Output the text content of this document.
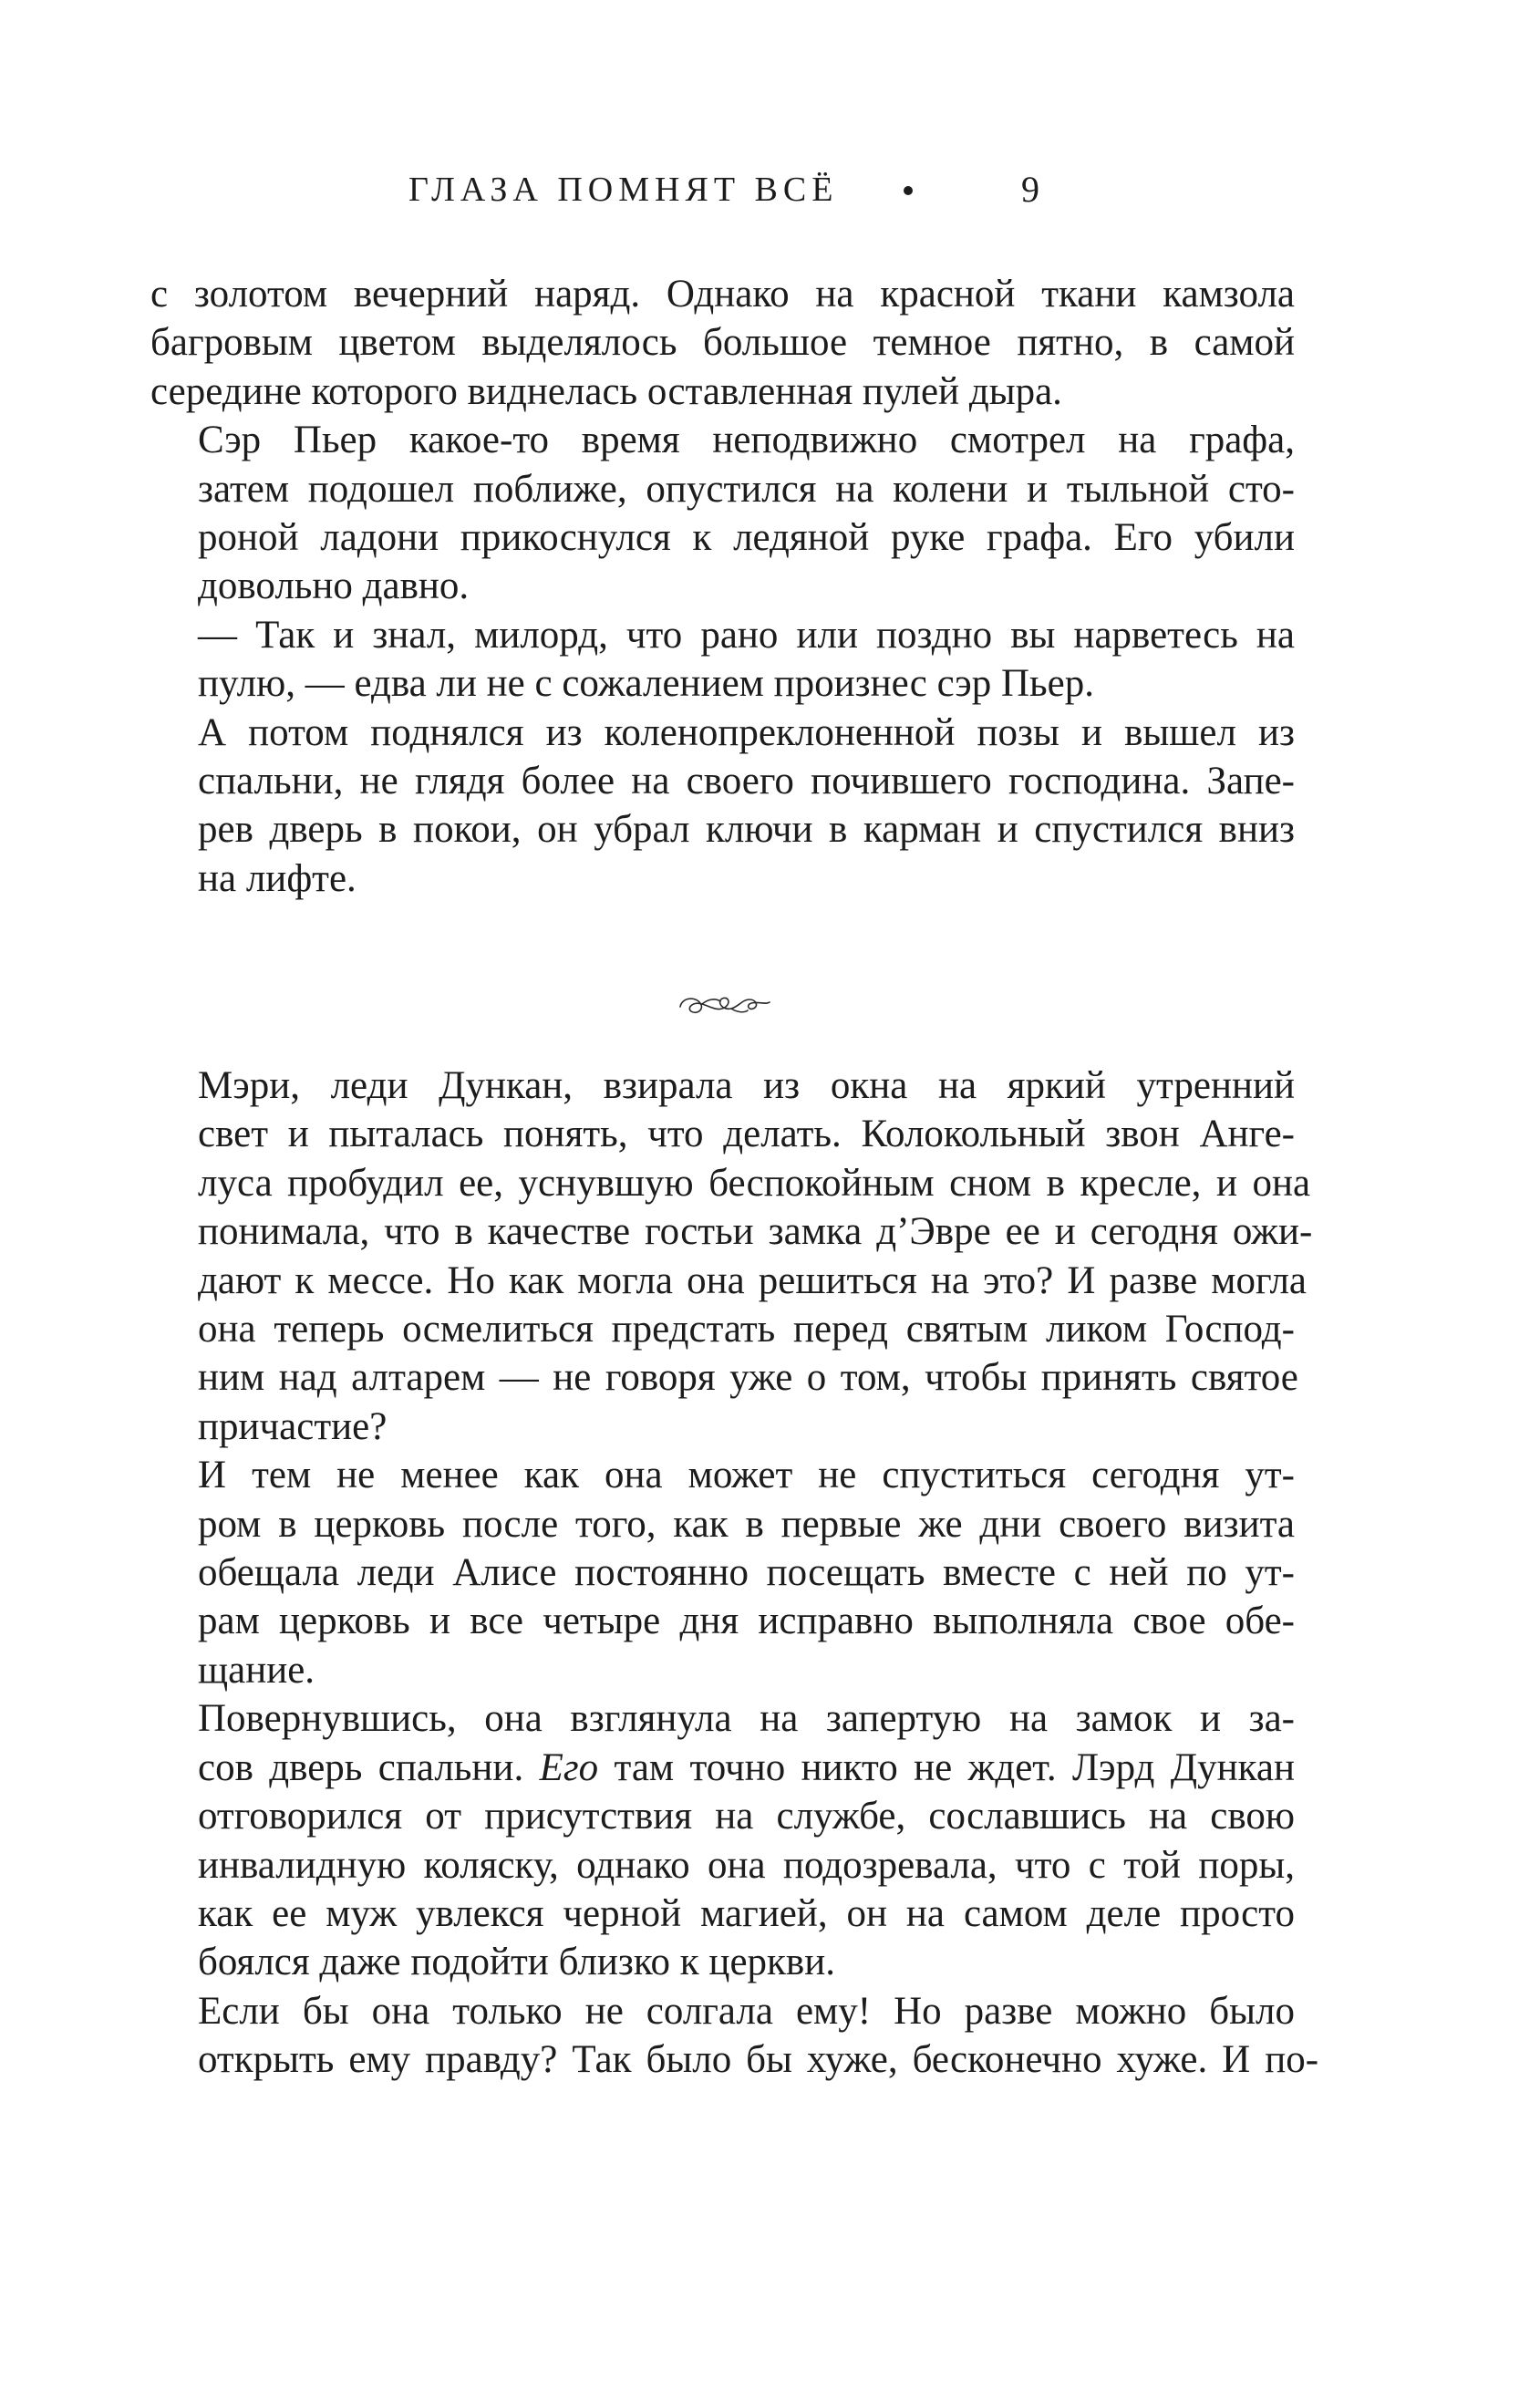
ГЛАЗА ПОМНЯТ ВСЁ	9
с золотом вечерний наряд. Однако на красной ткани камзола
багровым цветом выделялось большое темное пятно, в самой
середине которого виднелась оставленная пулей дыра.
Сэр Пьер какое-то время неподвижно смотрел на графа,
затем подошел поближе, опустился на колени и тыльной сто-
роной ладони прикоснулся к ледяной руке графа. Его убили
довольно давно.
— Так и знал, милорд, что рано или поздно вы нарветесь на
пулю, — едва ли не с сожалением произнес сэр Пьер.
А потом поднялся из коленопреклоненной позы и вышел из
спальни, не глядя более на своего почившего господина. Запе-
рев дверь в покои, он убрал ключи в карман и спустился вниз
на лифте.
Мэри, леди Дункан, взирала из окна на яркий утренний
свет и пыталась понять, что делать. Колокольный звон Анге-
луса пробудил ее, уснувшую беспокойным сном в кресле, и она
понимала, что в качестве гостьи замка д’Эвре ее и сегодня ожи-
дают к мессе. Но как могла она решиться на это? И разве могла
она теперь осмелиться предстать перед святым ликом Господ-
ним над алтарем — не говоря уже о том, чтобы принять святое
причастие?
И тем не менее как она может не спуститься сегодня ут-
ром в церковь после того, как в первые же дни своего визита
обещала леди Алисе постоянно посещать вместе с ней по ут-
рам церковь и все четыре дня исправно выполняла свое обе-
щание.
Повернувшись, она взглянула на запертую на замок и за-
сов дверь спальни. Его там точно никто не ждет. Лэрд Дункан
отговорился от присутствия на службе, сославшись на свою
инвалидную коляску, однако она подозревала, что с той поры,
как ее муж увлекся черной магией, он на самом деле просто
боялся даже подойти близко к церкви.
Если бы она только не солгала ему! Но разве можно было
открыть ему правду? Так было бы хуже, бесконечно хуже. И по-
